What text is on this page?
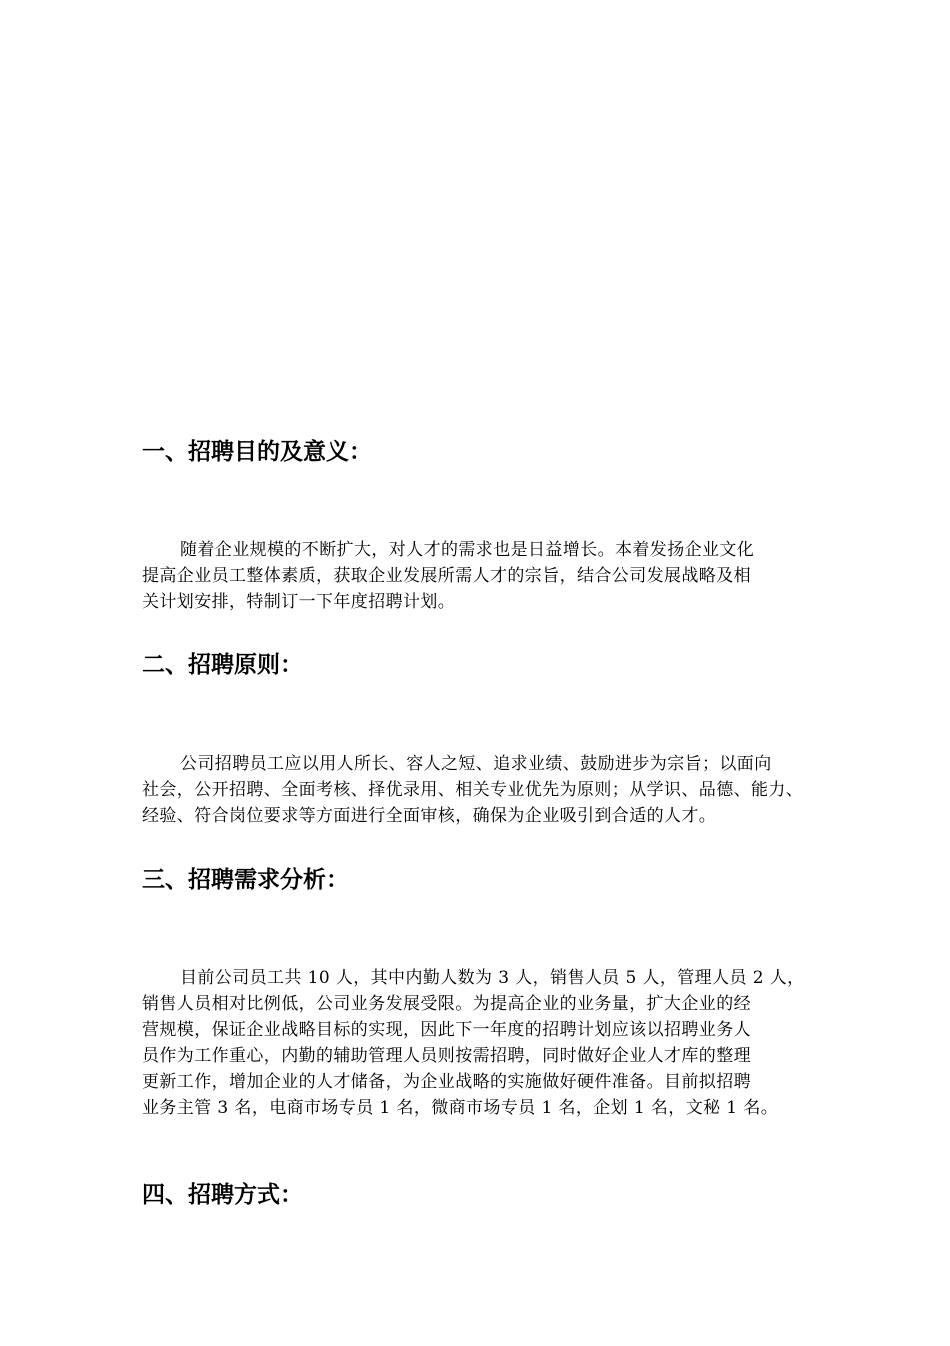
一、招聘目的及意义：
随着企业规模的不断扩大，对人才的需求也是日益增长。本着发扬企业文化
提高企业员工整体素质，获取企业发展所需人才的宗旨，结合公司发展战略及相
关计划安排，特制订一下年度招聘计划。
二、招聘原则：
公司招聘员工应以用人所长、容人之短、追求业绩、鼓励进步为宗旨；以面向
社会，公开招聘、全面考核、择优录用、相关专业优先为原则；从学识、品德、能力、
经验、符合岗位要求等方面进行全面审核，确保为企业吸引到合适的人才。
三、招聘需求分析：
目前公司员工共 10 人，其中内勤人数为 3 人，销售人员 5 人，管理人员 2 人，
销售人员相对比例低，公司业务发展受限。为提高企业的业务量，扩大企业的经
营规模，保证企业战略目标的实现，因此下一年度的招聘计划应该以招聘业务人
员作为工作重心，内勤的辅助管理人员则按需招聘，同时做好企业人才库的整理
更新工作，增加企业的人才储备，为企业战略的实施做好硬件准备。目前拟招聘
业务主管 3 名，电商市场专员 1 名，微商市场专员 1 名，企划 1 名，文秘 1 名。
四、招聘方式：
